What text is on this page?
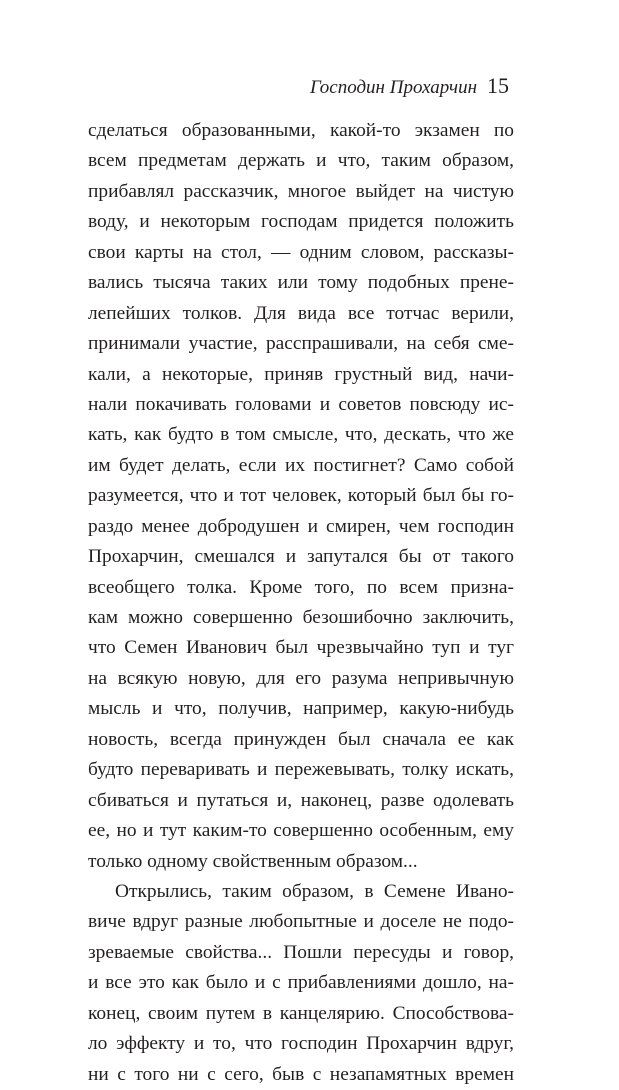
Господин Прохарчин 15
сделаться образованными, какой-то экзамен по
всем предметам держать и что, таким образом,
прибавлял рассказчик, многое выйдет на чистую
воду, и некоторым господам придется положить
свои карты на стол, — одним словом, рассказы-
вались тысяча таких или тому подобных прене-
лепейших толков. Для вида все тотчас верили,
принимали участие, расспрашивали, на себя сме-
кали, а некоторые, приняв грустный вид, начи-
нали покачивать головами и советов повсюду ис-
кать, как будто в том смысле, что, дескать, что же
им будет делать, если их постигнет? Само собой
разумеется, что и тот человек, который был бы го-
раздо менее добродушен и смирен, чем господин
Прохарчин, смешался и запутался бы от такого
всеобщего толка. Кроме того, по всем призна-
кам можно совершенно безошибочно заключить,
что Семен Иванович был чрезвычайно туп и туг
на всякую новую, для его разума непривычную
мысль и что, получив, например, какую-нибудь
новость, всегда принужден был сначала ее как
будто переваривать и пережевывать, толку искать,
сбиваться и путаться и, наконец, разве одолевать
ее, но и тут каким-то совершенно особенным, ему
только одному свойственным образом...
Открылись, таким образом, в Семене Ивано-
виче вдруг разные любопытные и доселе не подо-
зреваемые свойства... Пошли пересуды и говор,
и все это как было и с прибавлениями дошло, на-
конец, своим путем в канцелярию. Способствова-
ло эффекту и то, что господин Прохарчин вдруг,
ни с того ни с сего, быв с незапамятных времен
